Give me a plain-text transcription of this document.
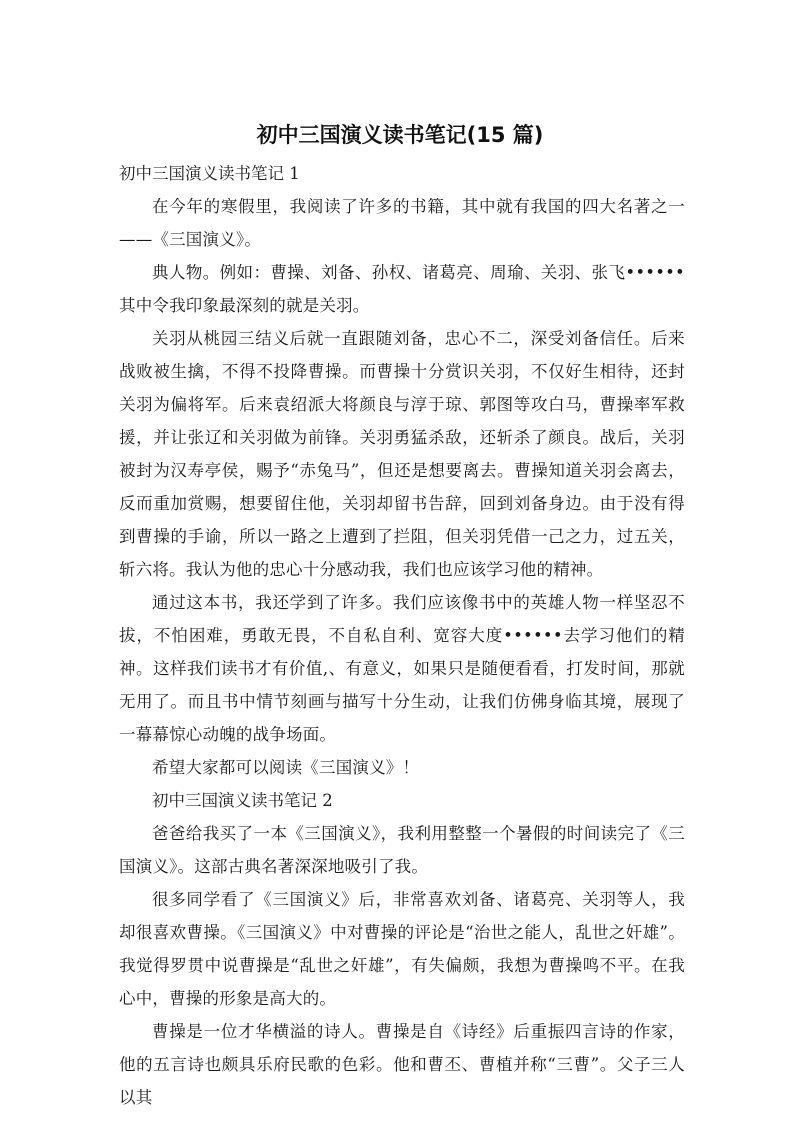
初中三国演义读书笔记(15 篇)

初中三国演义读书笔记 1

在今年的寒假里，我阅读了许多的书籍，其中就有我国的四大名著之一——《三国演义》。

典人物。例如：曹操、刘备、孙权、诸葛亮、周瑜、关羽、张飞••••••其中令我印象最深刻的就是关羽。

关羽从桃园三结义后就一直跟随刘备，忠心不二，深受刘备信任。后来战败被生擒，不得不投降曹操。而曹操十分赏识关羽，不仅好生相待，还封关羽为偏将军。后来袁绍派大将颜良与淳于琼、郭图等攻白马，曹操率军救援，并让张辽和关羽做为前锋。关羽勇猛杀敌，还斩杀了颜良。战后，关羽被封为汉寿亭侯，赐予“赤兔马”，但还是想要离去。曹操知道关羽会离去，反而重加赏赐，想要留住他，关羽却留书告辞，回到刘备身边。由于没有得到曹操的手谕，所以一路之上遭到了拦阻，但关羽凭借一己之力，过五关，斩六将。我认为他的忠心十分感动我，我们也应该学习他的精神。

通过这本书，我还学到了许多。我们应该像书中的英雄人物一样坚忍不拔，不怕困难，勇敢无畏，不自私自利、宽容大度••••••去学习他们的精神。这样我们读书才有价值,、有意义，如果只是随便看看，打发时间，那就无用了。而且书中情节刻画与描写十分生动，让我们仿佛身临其境，展现了一幕幕惊心动魄的战争场面。

希望大家都可以阅读《三国演义》！

初中三国演义读书笔记 2

爸爸给我买了一本《三国演义》，我利用整整一个暑假的时间读完了《三国演义》。这部古典名著深深地吸引了我。

很多同学看了《三国演义》后，非常喜欢刘备、诸葛亮、关羽等人，我却很喜欢曹操。《三国演义》中对曹操的评论是“治世之能人，乱世之奸雄”。我觉得罗贯中说曹操是“乱世之奸雄”，有失偏颇，我想为曹操鸣不平。在我心中，曹操的形象是高大的。

曹操是一位才华横溢的诗人。曹操是自《诗经》后重振四言诗的作家，他的五言诗也颇具乐府民歌的色彩。他和曹丕、曹植并称“三曹”。父子三人以其
